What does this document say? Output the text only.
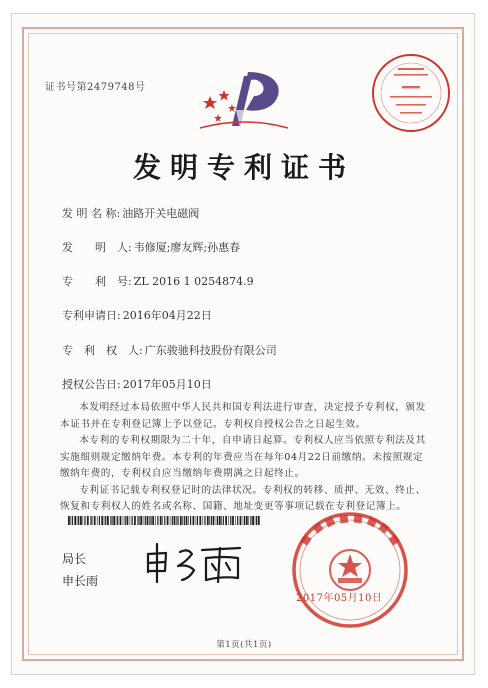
证书号第2479748号
发明专利证书
发 明 名 称: 油路开关电磁阀
发　　明　人: 韦修厦;廖友辉;孙惠春
专　　利　号: ZL 2016 1 0254874.9
专利申请日: 2016年04月22日
专　利　权　人: 广东骏驰科技股份有限公司
授权公告日: 2017年05月10日

本发明经过本局依照中华人民共和国专利法进行审查，决定授予专利权，颁发本证书并在专利登记簿上予以登记。专利权自授权公告之日起生效。

本专利的专利权期限为二十年，自申请日起算。专利权人应当依照专利法及其实施细则规定缴纳年费。本专利的年费应当在每年04月22日前缴纳。未按照规定缴纳年费的，专利权自应当缴纳年费期满之日起终止。

专利证书记载专利权登记时的法律状况。专利权的转移、质押、无效、终止、恢复和专利权人的姓名或名称、国籍、地址变更等事项记载在专利登记簿上。

局长
申长雨
2017年05月10日
第1页(共1页)
